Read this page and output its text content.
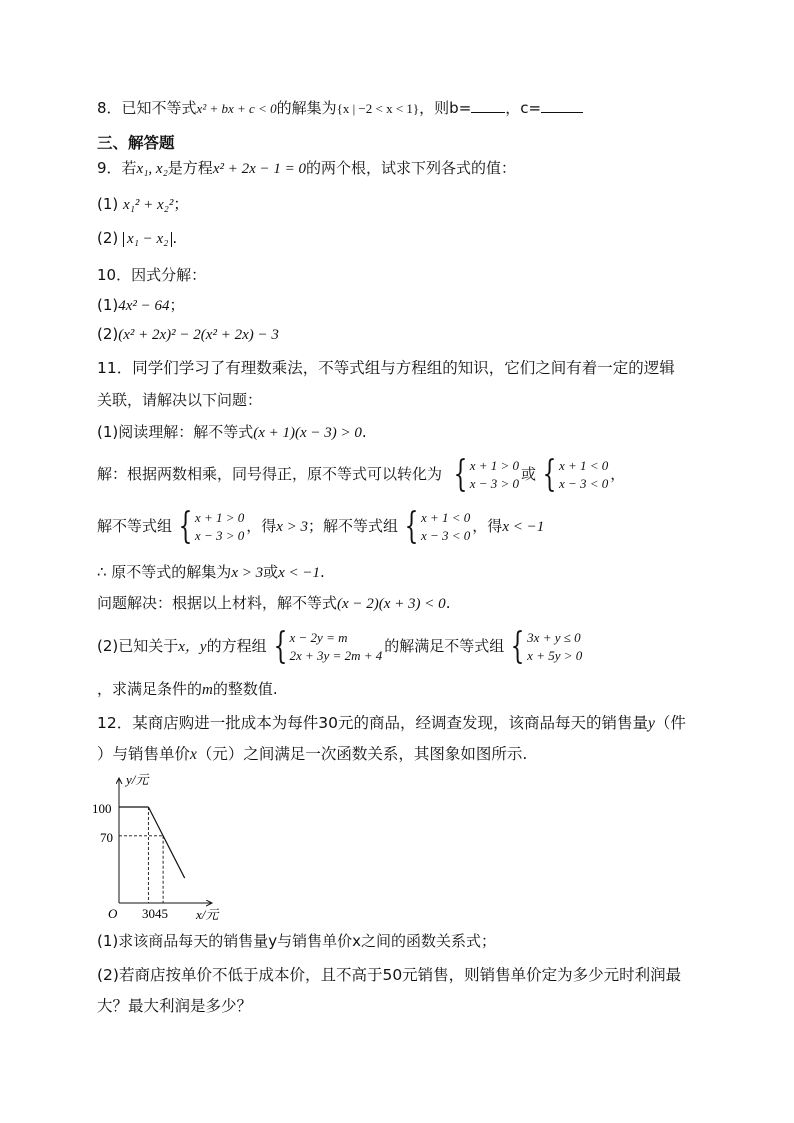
8．已知不等式x² + bx + c < 0的解集为{x | −2 < x < 1}，则b= ，c=
三、解答题
9．若x₁, x₂是方程x² + 2x − 1 = 0的两个根，试求下列各式的值：
(1) x₁² + x₂²；
(2) x₁ − x₂ .
10．因式分解：
(1)4x² − 64；
(2)(x² + 2x)² − 2(x² + 2x) − 3
11．同学们学习了有理数乘法，不等式组与方程组的知识，它们之间有着一定的逻辑
关联，请解决以下问题：
(1)阅读理解：解不等式(x + 1)(x − 3) > 0.
解：根据两数相乘，同号得正，原不等式可以转化为 { x + 1 > 0
x − 3 > 0 或 { x + 1 < 0
x − 3 < 0 ，
解不等式组 { x + 1 > 0
x − 3 > 0 ，得x > 3；解不等式组 { x + 1 < 0
x − 3 < 0 ，得x < −1
∴ 原不等式的解集为x > 3或x < −1.
问题解决：根据以上材料，解不等式(x − 2)(x + 3) < 0.
(2)已知关于x，y的方程组 { x − 2y = m
2x + 3y = 2m + 4 的解满足不等式组 { 3x + y ≤ 0
x + 5y > 0
，求满足条件的m的整数值.
12．某商店购进一批成本为每件30元的商品，经调查发现，该商品每天的销售量y（件
）与销售单价x（元）之间满足一次函数关系，其图象如图所示.
y/元
x/元
O
100
70
3045
(1)求该商品每天的销售量y与销售单价x之间的函数关系式；
(2)若商店按单价不低于成本价，且不高于50元销售，则销售单价定为多少元时利润最
大？最大利润是多少？
